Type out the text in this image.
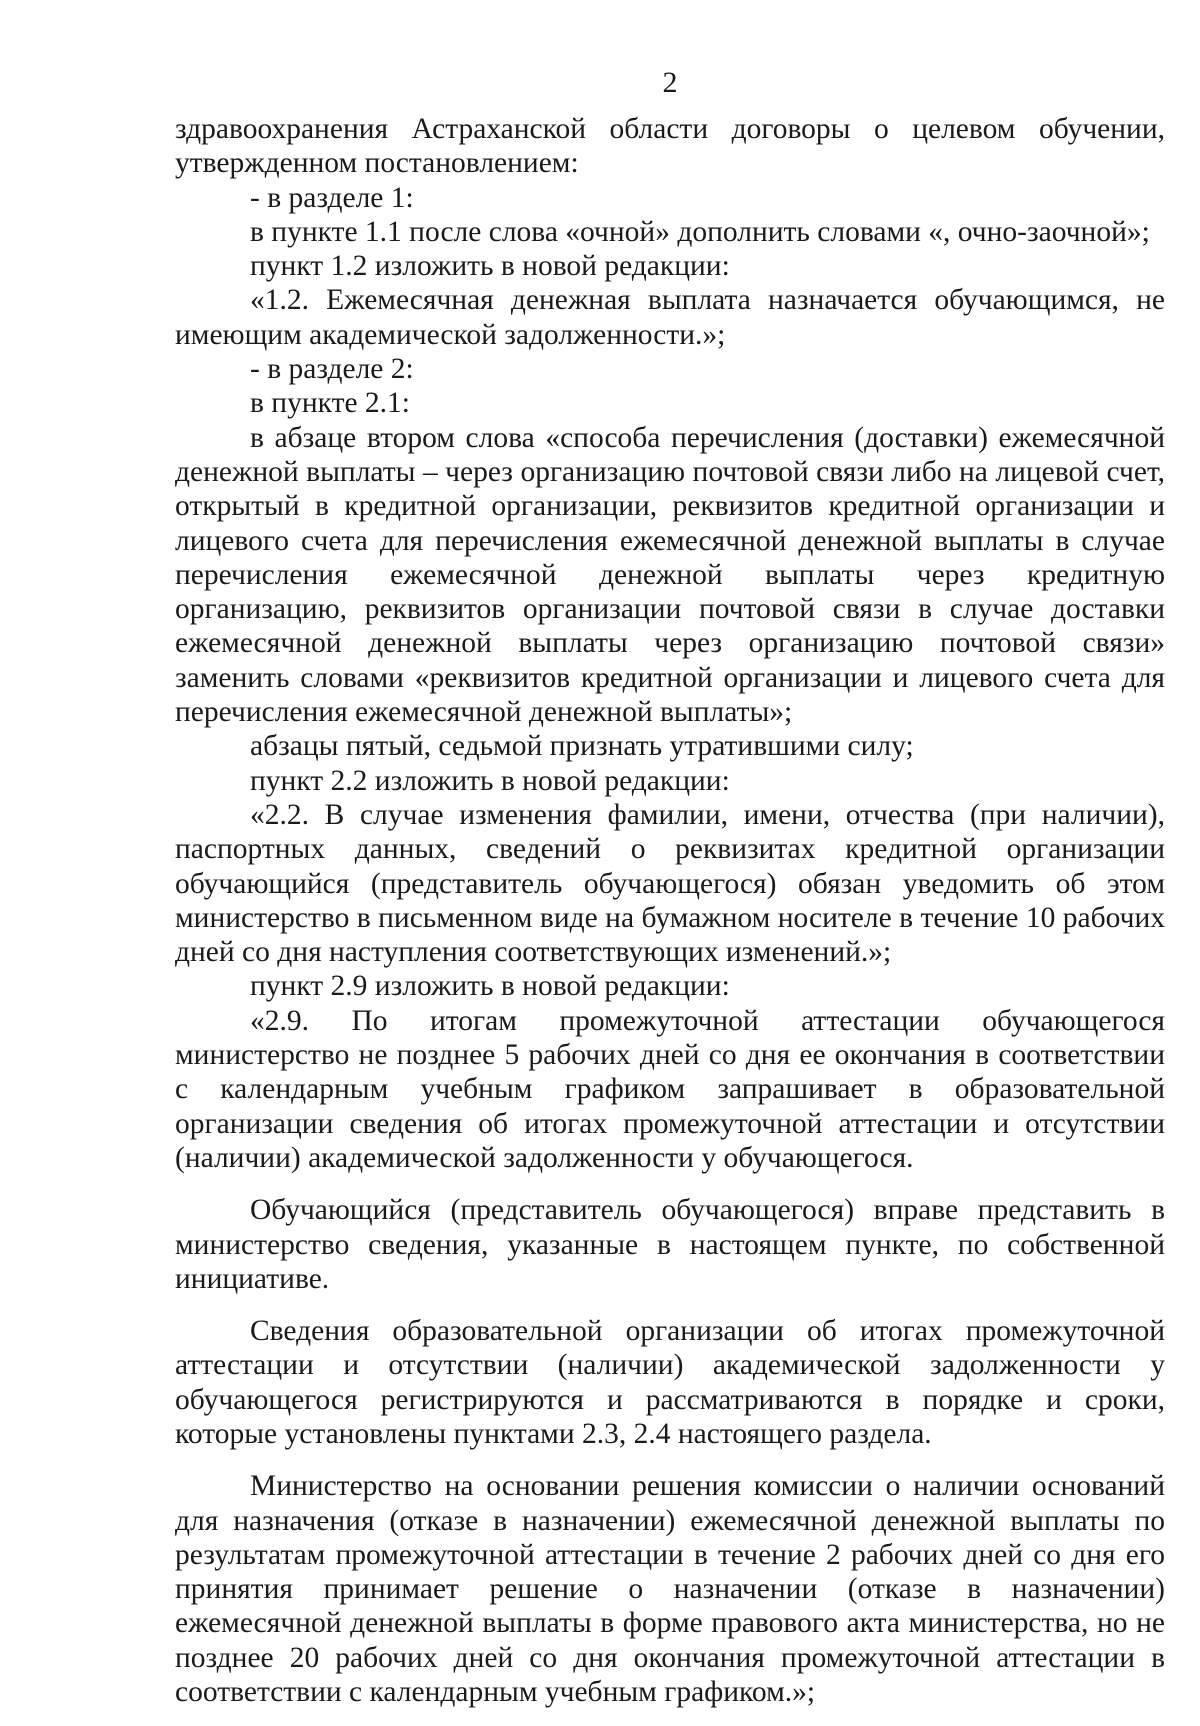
2

здравоохранения Астраханской области договоры о целевом обучении, утвержденном постановлением:

- в разделе 1:

в пункте 1.1 после слова «очной» дополнить словами «, очно-заочной»;

пункт 1.2 изложить в новой редакции:

«1.2. Ежемесячная денежная выплата назначается обучающимся, не имеющим академической задолженности.»;

- в разделе 2:

в пункте 2.1:

в абзаце втором слова «способа перечисления (доставки) ежемесячной денежной выплаты – через организацию почтовой связи либо на лицевой счет, открытый в кредитной организации, реквизитов кредитной организации и лицевого счета для перечисления ежемесячной денежной выплаты в случае перечисления ежемесячной денежной выплаты через кредитную организацию, реквизитов организации почтовой связи в случае доставки ежемесячной денежной выплаты через организацию почтовой связи» заменить словами «реквизитов кредитной организации и лицевого счета для перечисления ежемесячной денежной выплаты»;

абзацы пятый, седьмой признать утратившими силу;

пункт 2.2 изложить в новой редакции:

«2.2. В случае изменения фамилии, имени, отчества (при наличии), паспортных данных, сведений о реквизитах кредитной организации обучающийся (представитель обучающегося) обязан уведомить об этом министерство в письменном виде на бумажном носителе в течение 10 рабочих дней со дня наступления соответствующих изменений.»;

пункт 2.9 изложить в новой редакции:

«2.9. По итогам промежуточной аттестации обучающегося министерство не позднее 5 рабочих дней со дня ее окончания в соответствии с календарным учебным графиком запрашивает в образовательной организации сведения об итогах промежуточной аттестации и отсутствии (наличии) академической задолженности у обучающегося.

Обучающийся (представитель обучающегося) вправе представить в министерство сведения, указанные в настоящем пункте, по собственной инициативе.

Сведения образовательной организации об итогах промежуточной аттестации и отсутствии (наличии) академической задолженности у обучающегося регистрируются и рассматриваются в порядке и сроки, которые установлены пунктами 2.3, 2.4 настоящего раздела.

Министерство на основании решения комиссии о наличии оснований для назначения (отказе в назначении) ежемесячной денежной выплаты по результатам промежуточной аттестации в течение 2 рабочих дней со дня его принятия принимает решение о назначении (отказе в назначении) ежемесячной денежной выплаты в форме правового акта министерства, но не позднее 20 рабочих дней со дня окончания промежуточной аттестации в соответствии с календарным учебным графиком.»;
